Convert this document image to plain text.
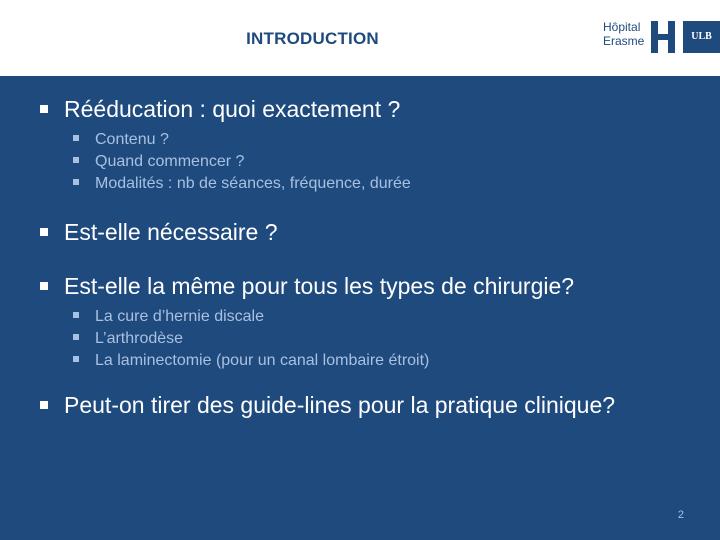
INTRODUCTION
Hôpital
Erasme	ULB
Rééducation : quoi exactement ?
Contenu ?
Quand commencer ?
Modalités : nb de séances, fréquence, durée
Est-elle nécessaire ?
Est-elle la même pour tous les types de chirurgie?
La cure d’hernie discale
L’arthrodèse
La laminectomie (pour un canal lombaire étroit)
Peut-on tirer des guide-lines pour la pratique clinique?
2
